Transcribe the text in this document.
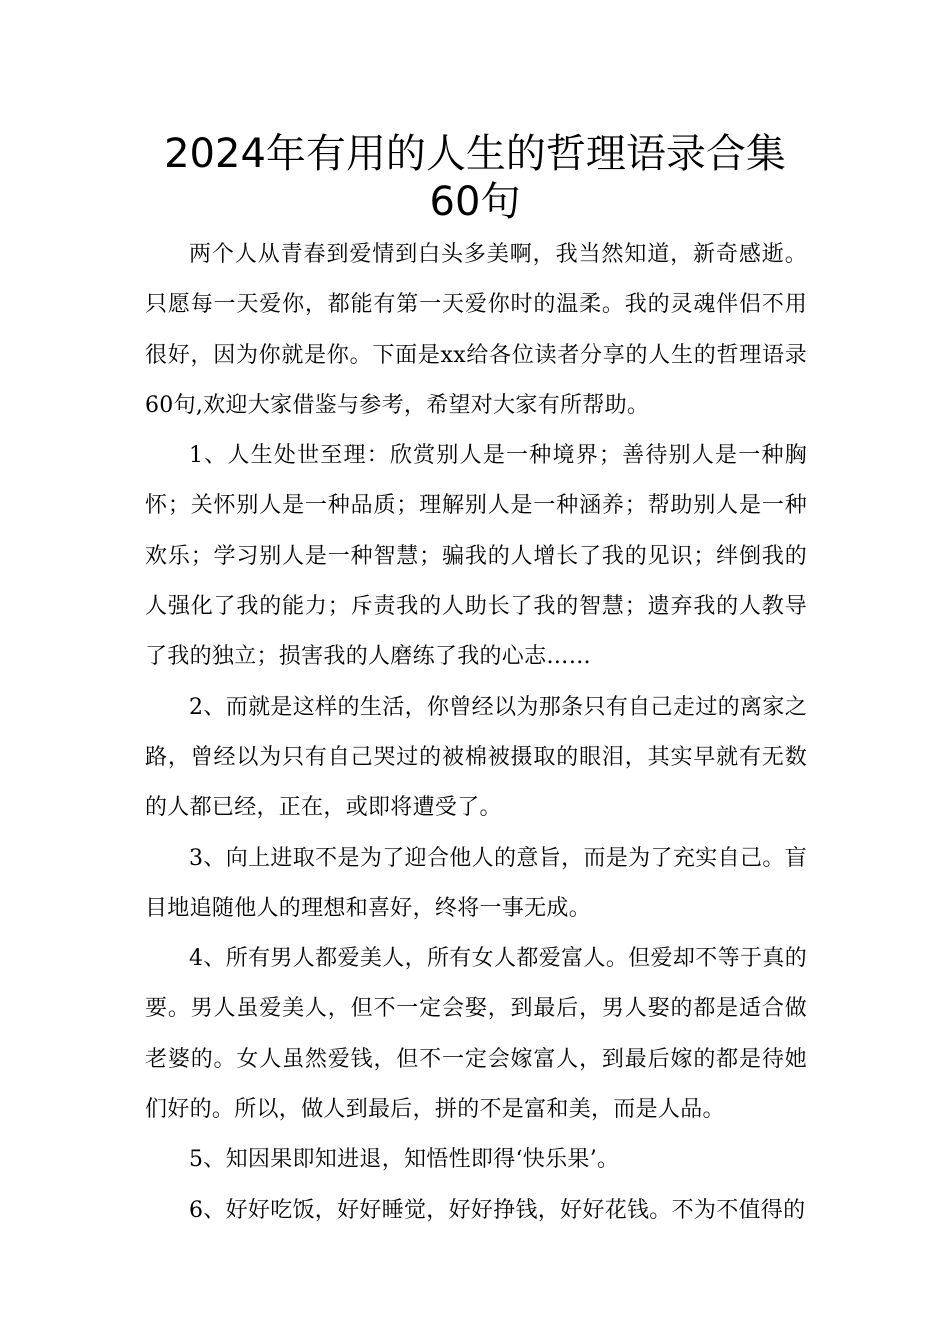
2024年有用的人生的哲理语录合集60句

两个人从青春到爱情到白头多美啊，我当然知道，新奇感逝。只愿每一天爱你，都能有第一天爱你时的温柔。我的灵魂伴侣不用很好，因为你就是你。下面是xx给各位读者分享的人生的哲理语录60句,欢迎大家借鉴与参考，希望对大家有所帮助。

1、人生处世至理：欣赏别人是一种境界；善待别人是一种胸怀；关怀别人是一种品质；理解别人是一种涵养；帮助别人是一种欢乐；学习别人是一种智慧；骗我的人增长了我的见识；绊倒我的人强化了我的能力；斥责我的人助长了我的智慧；遗弃我的人教导了我的独立；损害我的人磨练了我的心志……

2、而就是这样的生活，你曾经以为那条只有自己走过的离家之路，曾经以为只有自己哭过的被棉被摄取的眼泪，其实早就有无数的人都已经，正在，或即将遭受了。

3、向上进取不是为了迎合他人的意旨，而是为了充实自己。盲目地追随他人的理想和喜好，终将一事无成。

4、所有男人都爱美人，所有女人都爱富人。但爱却不等于真的要。男人虽爱美人，但不一定会娶，到最后，男人娶的都是适合做老婆的。女人虽然爱钱，但不一定会嫁富人，到最后嫁的都是待她们好的。所以，做人到最后，拼的不是富和美，而是人品。

5、知因果即知进退，知悟性即得‘快乐果’。

6、好好吃饭，好好睡觉，好好挣钱，好好花钱。不为不值得的
